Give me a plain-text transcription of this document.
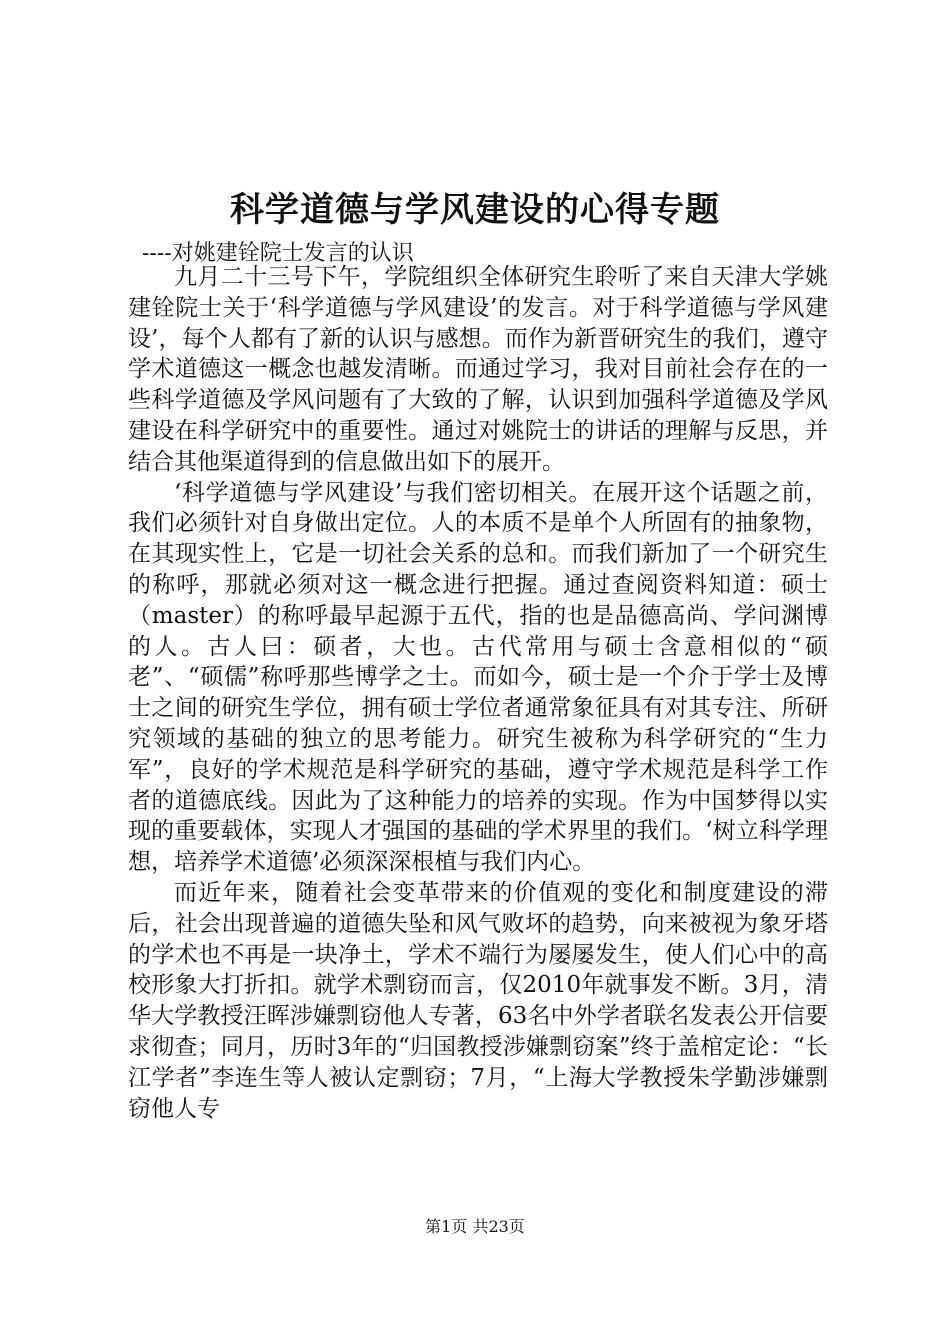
科学道德与学风建设的心得专题

----对姚建铨院士发言的认识

九月二十三号下午，学院组织全体研究生聆听了来自天津大学姚建铨院士关于‘科学道德与学风建设’的发言。对于科学道德与学风建设’，每个人都有了新的认识与感想。而作为新晋研究生的我们，遵守学术道德这一概念也越发清晰。而通过学习，我对目前社会存在的一些科学道德及学风问题有了大致的了解，认识到加强科学道德及学风建设在科学研究中的重要性。通过对姚院士的讲话的理解与反思，并结合其他渠道得到的信息做出如下的展开。

‘科学道德与学风建设’与我们密切相关。在展开这个话题之前，我们必须针对自身做出定位。人的本质不是单个人所固有的抽象物，在其现实性上，它是一切社会关系的总和。而我们新加了一个研究生的称呼，那就必须对这一概念进行把握。通过查阅资料知道：硕士（master）的称呼最早起源于五代，指的也是品德高尚、学问渊博的人。古人曰：硕者，大也。古代常用与硕士含意相似的“硕老”、“硕儒”称呼那些博学之士。而如今，硕士是一个介于学士及博士之间的研究生学位，拥有硕士学位者通常象征具有对其专注、所研究领域的基础的独立的思考能力。研究生被称为科学研究的“生力军”，良好的学术规范是科学研究的基础，遵守学术规范是科学工作者的道德底线。因此为了这种能力的培养的实现。作为中国梦得以实现的重要载体，实现人才强国的基础的学术界里的我们。‘树立科学理想，培养学术道德’必须深深根植与我们内心。

而近年来，随着社会变革带来的价值观的变化和制度建设的滞后，社会出现普遍的道德失坠和风气败坏的趋势，向来被视为象牙塔的学术也不再是一块净土，学术不端行为屡屡发生，使人们心中的高校形象大打折扣。就学术剽窃而言，仅2010年就事发不断。3月，清华大学教授汪晖涉嫌剽窃他人专著，63名中外学者联名发表公开信要求彻查；同月，历时3年的“归国教授涉嫌剽窃案”终于盖棺定论：“长江学者”李连生等人被认定剽窃；7月，“上海大学教授朱学勤涉嫌剽窃他人专

第1页 共23页
